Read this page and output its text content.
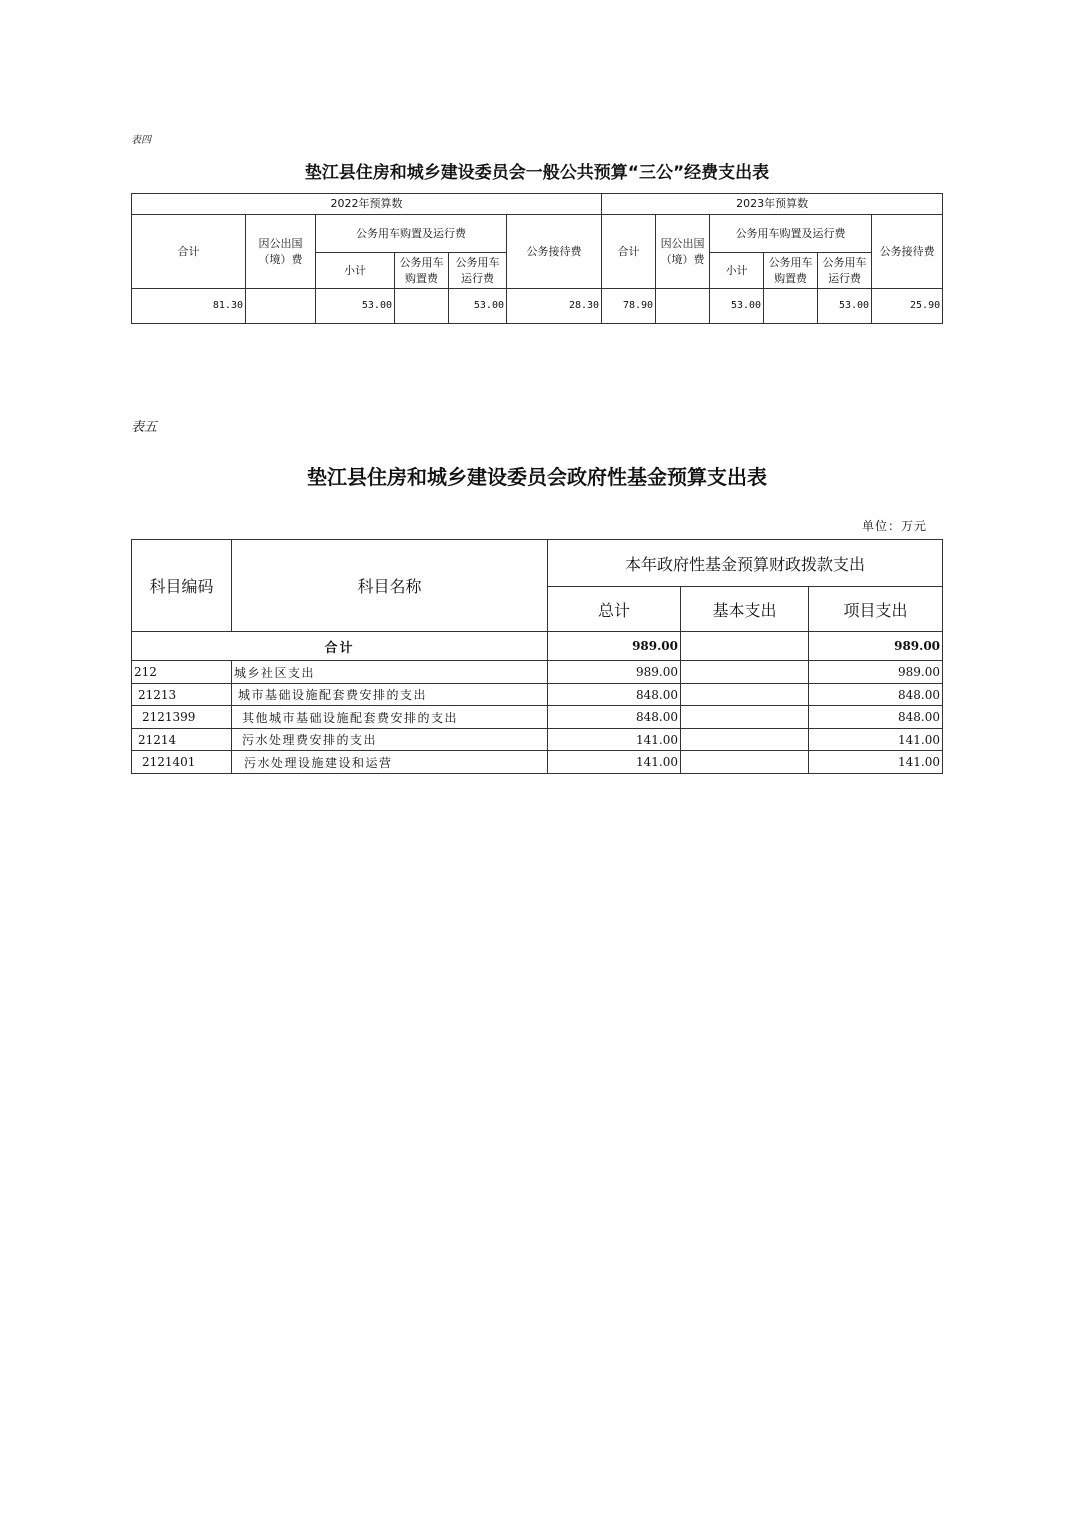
表四
垫江县住房和城乡建设委员会一般公共预算“三公”经费支出表
2022年预算数						2023年预算数					
合计	因公出国（境）费	公务用车购置及运行费			公务接待费	合计	因公出国（境）费	公务用车购置及运行费			公务接待费
		小计	公务用车购置费	公务用车运行费				小计	公务用车购置费	公务用车运行费	
81.30		53.00		53.00	28.30	78.90		53.00		53.00	25.90
表五
垫江县住房和城乡建设委员会政府性基金预算支出表
单位：万元
科目编码	科目名称	本年政府性基金预算财政拨款支出		
		总计	基本支出	项目支出
合计		989.00		989.00
212	城乡社区支出	989.00		989.00
21213	城市基础设施配套费安排的支出	848.00		848.00
2121399	其他城市基础设施配套费安排的支出	848.00		848.00
21214	污水处理费安排的支出	141.00		141.00
2121401	污水处理设施建设和运营	141.00		141.00
